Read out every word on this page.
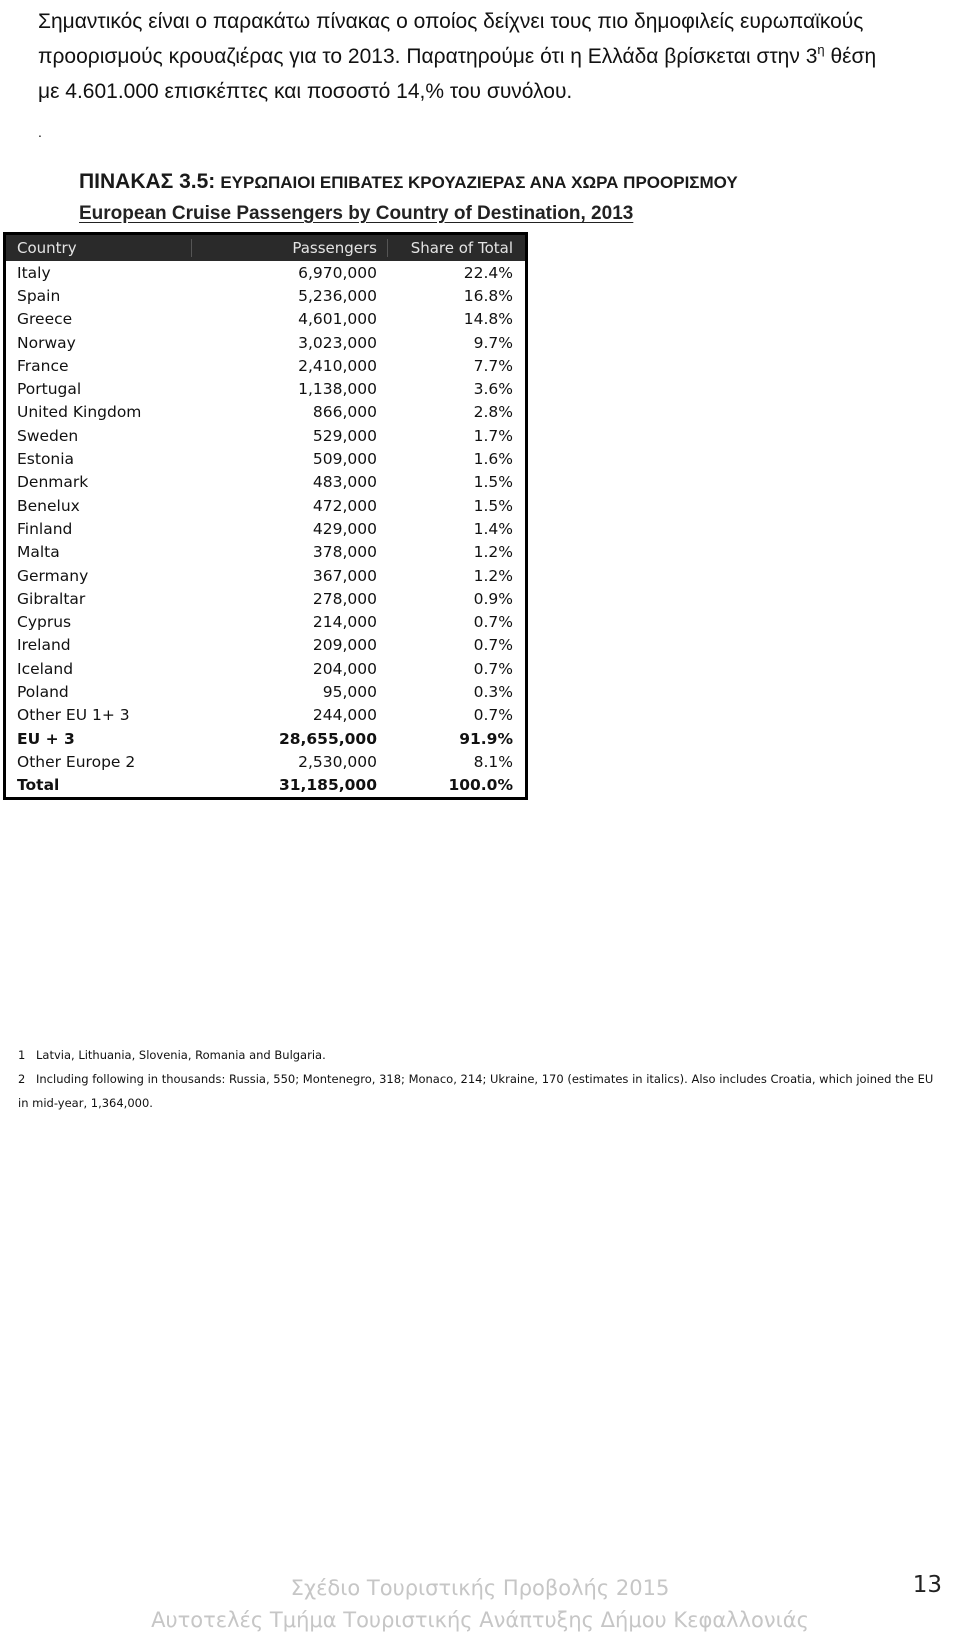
Σημαντικός είναι ο παρακάτω πίνακας ο οποίος δείχνει τους πιο δημοφιλείς ευρωπαϊκούς
προορισμούς κρουαζιέρας για το 2013. Παρατηρούμε ότι η Ελλάδα βρίσκεται στην $3^\eta$ θέση
με 4.601.000 επισκέπτες και ποσοστό 14,% του συνόλου.
.
ΠΙΝΑΚΑΣ 3.5: ΕΥΡΩΠΑΙΟΙ ΕΠΙΒΑΤΕΣ ΚΡΟΥΑΖΙΕΡΑΣ ΑΝΑ ΧΩΡΑ ΠΡΟΟΡΙΣΜΟΥ
European Cruise Passengers by Country of Destination, 2013
Country	Passengers	Share of Total
Italy	6,970,000	22.4%
Spain	5,236,000	16.8%
Greece	4,601,000	14.8%
Norway	3,023,000	9.7%
France	2,410,000	7.7%
Portugal	1,138,000	3.6%
United Kingdom	866,000	2.8%
Sweden	529,000	1.7%
Estonia	509,000	1.6%
Denmark	483,000	1.5%
Benelux	472,000	1.5%
Finland	429,000	1.4%
Malta	378,000	1.2%
Germany	367,000	1.2%
Gibraltar	278,000	0.9%
Cyprus	214,000	0.7%
Ireland	209,000	0.7%
Iceland	204,000	0.7%
Poland	95,000	0.3%
Other EU 1+ 3	244,000	0.7%
EU + 3	28,655,000	91.9%
Other Europe 2	2,530,000	8.1%
Total	31,185,000	100.0%
1 Latvia, Lithuania, Slovenia, Romania and Bulgaria.
2 Including following in thousands: Russia, 550; Montenegro, 318; Monaco, 214; Ukraine, 170 (estimates in italics). Also includes Croatia, which joined the EU in mid-year, 1,364,000.
Σχέδιο Τουριστικής Προβολής 2015
Αυτοτελές Τμήμα Τουριστικής Ανάπτυξης Δήμου Κεφαλλονιάς
13
